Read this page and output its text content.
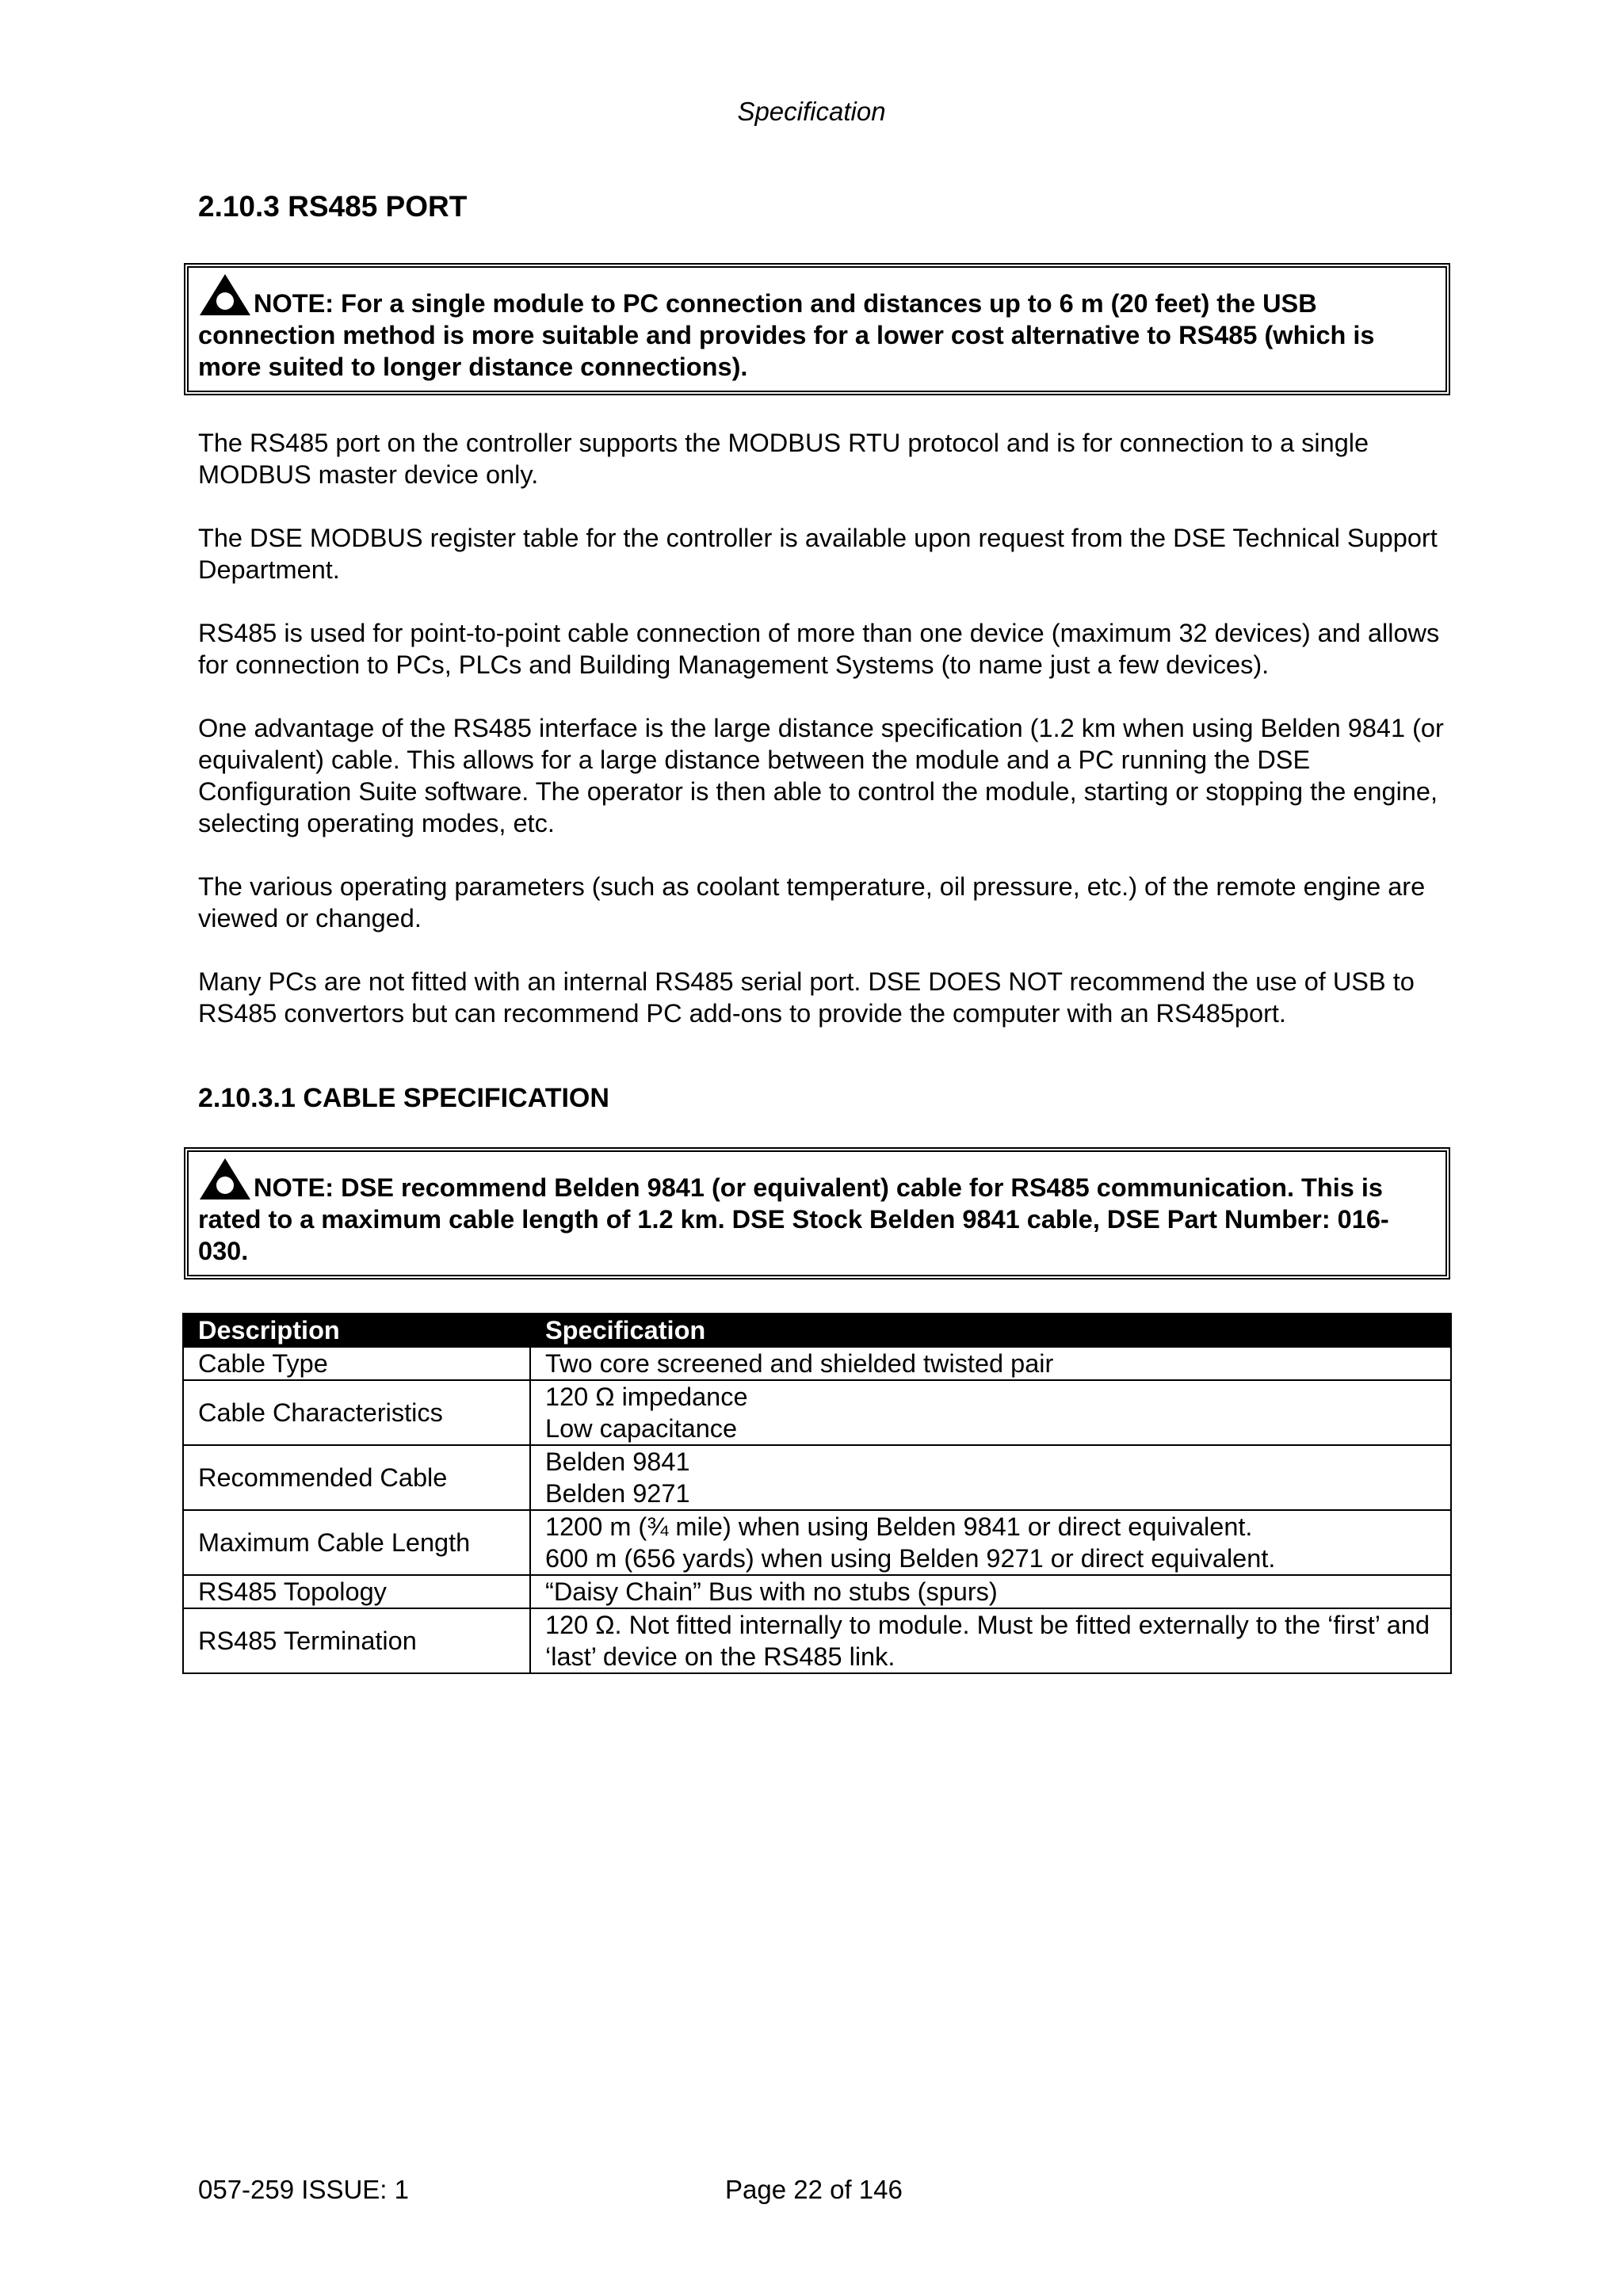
Specification
2.10.3 RS485 PORT
NOTE: For a single module to PC connection and distances up to 6 m (20 feet) the USB connection method is more suitable and provides for a lower cost alternative to RS485 (which is more suited to longer distance connections).

The RS485 port on the controller supports the MODBUS RTU protocol and is for connection to a single MODBUS master device only.

The DSE MODBUS register table for the controller is available upon request from the DSE Technical Support Department.

RS485 is used for point-to-point cable connection of more than one device (maximum 32 devices) and allows for connection to PCs, PLCs and Building Management Systems (to name just a few devices).

One advantage of the RS485 interface is the large distance specification (1.2 km when using Belden 9841 (or equivalent) cable. This allows for a large distance between the module and a PC running the DSE Configuration Suite software. The operator is then able to control the module, starting or stopping the engine, selecting operating modes, etc.

The various operating parameters (such as coolant temperature, oil pressure, etc.) of the remote engine are viewed or changed.

Many PCs are not fitted with an internal RS485 serial port. DSE DOES NOT recommend the use of USB to RS485 convertors but can recommend PC add-ons to provide the computer with an RS485port.

2.10.3.1 CABLE SPECIFICATION
NOTE: DSE recommend Belden 9841 (or equivalent) cable for RS485 communication. This is rated to a maximum cable length of 1.2 km. DSE Stock Belden 9841 cable, DSE Part Number: 016-030.
Description	Specification
Cable Type	Two core screened and shielded twisted pair

Cable Characteristics	120 Ω impedance
Low capacitance

Recommended Cable	Belden 9841
Belden 9271

Maximum Cable Length	1200 m (¾ mile) when using Belden 9841 or direct equivalent.
600 m (656 yards) when using Belden 9271 or direct equivalent.

RS485 Topology	“Daisy Chain” Bus with no stubs (spurs)

RS485 Termination	120 Ω. Not fitted internally to module. Must be fitted externally to the ‘first’ and ‘last’ device on the RS485 link.
057-259 ISSUE: 1	Page 22 of 146
